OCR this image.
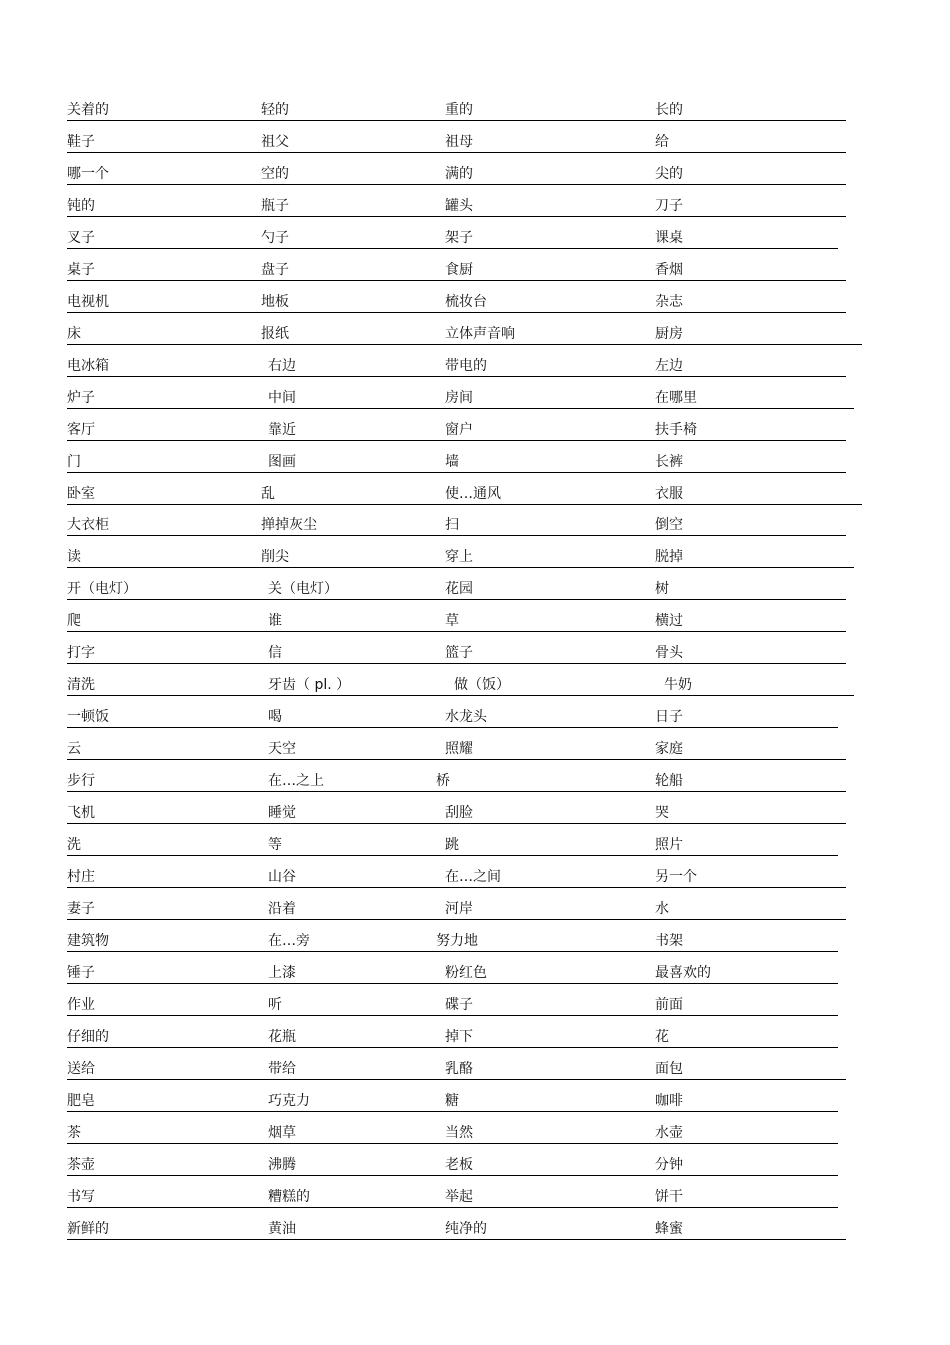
关着的	轻的	重的	长的
鞋子	祖父	祖母	给
哪一个	空的	满的	尖的
钝的	瓶子	罐头	刀子
叉子	勺子	架子	课桌
桌子	盘子	食厨	香烟
电视机	地板	梳妆台	杂志
床	报纸	立体声音响	厨房
电冰箱	右边	带电的	左边
炉子	中间	房间	在哪里
客厅	靠近	窗户	扶手椅
门	图画	墙	长裤
卧室	乱	使…通风	衣服
大衣柜	掸掉灰尘	扫	倒空
读	削尖	穿上	脱掉
开（电灯）	关（电灯）	花园	树
爬	谁	草	横过
打字	信	篮子	骨头
清洗	牙齿（ pl. ）	做（饭）	牛奶
一顿饭	喝	水龙头	日子
云	天空	照耀	家庭
步行	在…之上	桥	轮船
飞机	睡觉	刮脸	哭
洗	等	跳	照片
村庄	山谷	在…之间	另一个
妻子	沿着	河岸	水
建筑物	在…旁	努力地	书架
锤子	上漆	粉红色	最喜欢的
作业	听	碟子	前面
仔细的	花瓶	掉下	花
送给	带给	乳酪	面包
肥皂	巧克力	糖	咖啡
茶	烟草	当然	水壶
茶壶	沸腾	老板	分钟
书写	糟糕的	举起	饼干
新鲜的	黄油	纯净的	蜂蜜
